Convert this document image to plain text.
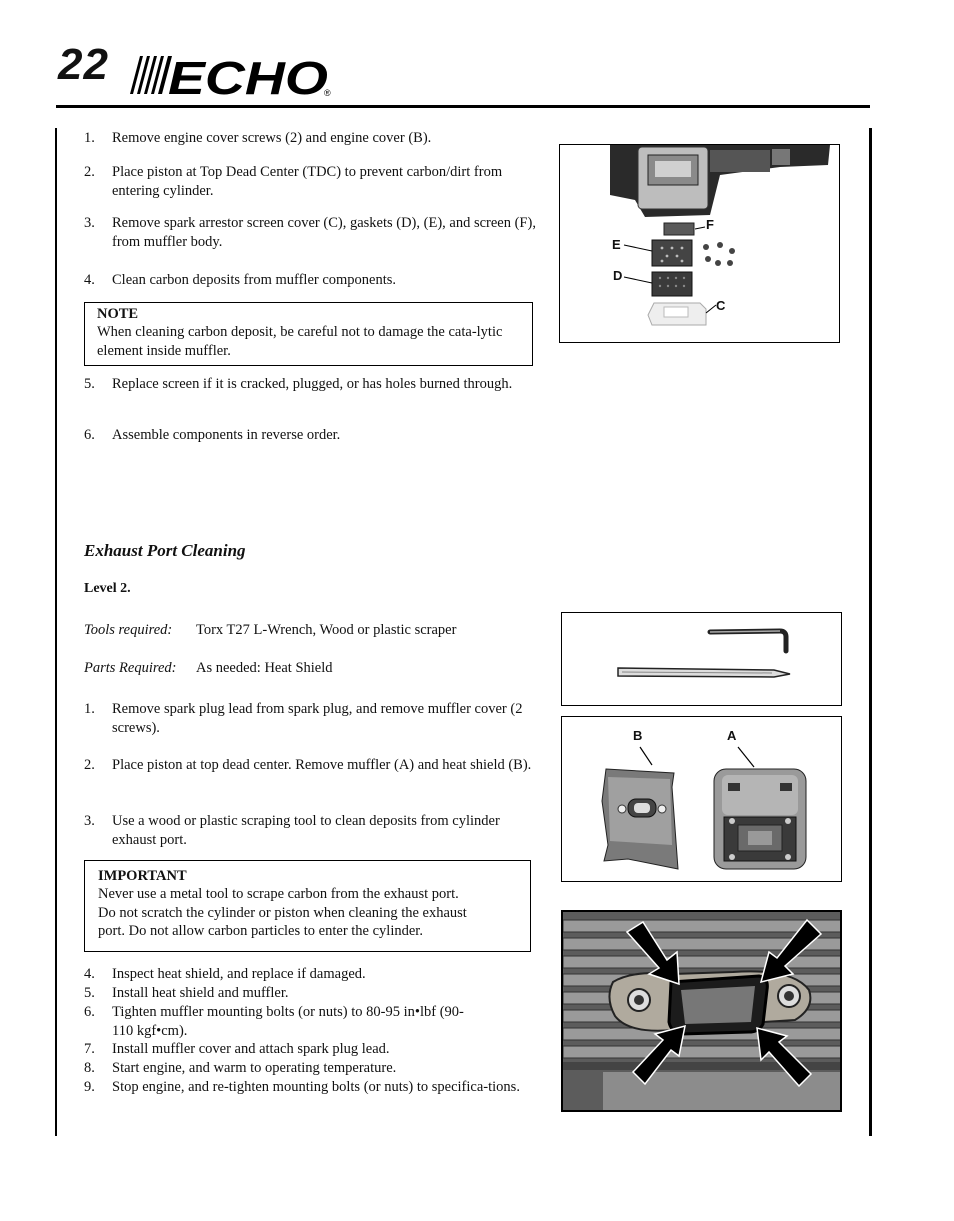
22 ECHO
®
1. Remove engine cover screws (2) and engine cover (B).
2. Place piston at Top Dead Center (TDC) to prevent carbon/dirt from entering cylinder.
3. Remove spark arrestor screen cover (C), gaskets (D), (E), and screen (F), from muffler body.
4. Clean carbon deposits from muffler components.
NOTE
When cleaning carbon deposit, be careful not to damage the cata-lytic element inside muffler.
5. Replace screen if it is cracked, plugged, or has holes burned through.
6. Assemble components in reverse order.
F
E
D
C
Exhaust Port Cleaning
Level 2.
Tools required: Torx T27 L-Wrench, Wood or plastic scraper
Parts Required: As needed: Heat Shield
1. Remove spark plug lead from spark plug, and remove muffler cover (2 screws).
2. Place piston at top dead center. Remove muffler (A) and heat shield (B).
3. Use a wood or plastic scraping tool to clean deposits from cylinder exhaust port.
IMPORTANT
Never use a metal tool to scrape carbon from the exhaust port.
Do not scratch the cylinder or piston when cleaning the exhaust
port. Do not allow carbon particles to enter the cylinder.
4. Inspect heat shield, and replace if damaged.
5. Install heat shield and muffler.
6. Tighten muffler mounting bolts (or nuts) to 80-95 in•lbf (90-110 kgf•cm).
7. Install muffler cover and attach spark plug lead.
8. Start engine, and warm to operating temperature.
9. Stop engine, and re-tighten mounting bolts (or nuts) to specifica-tions.
B	A
